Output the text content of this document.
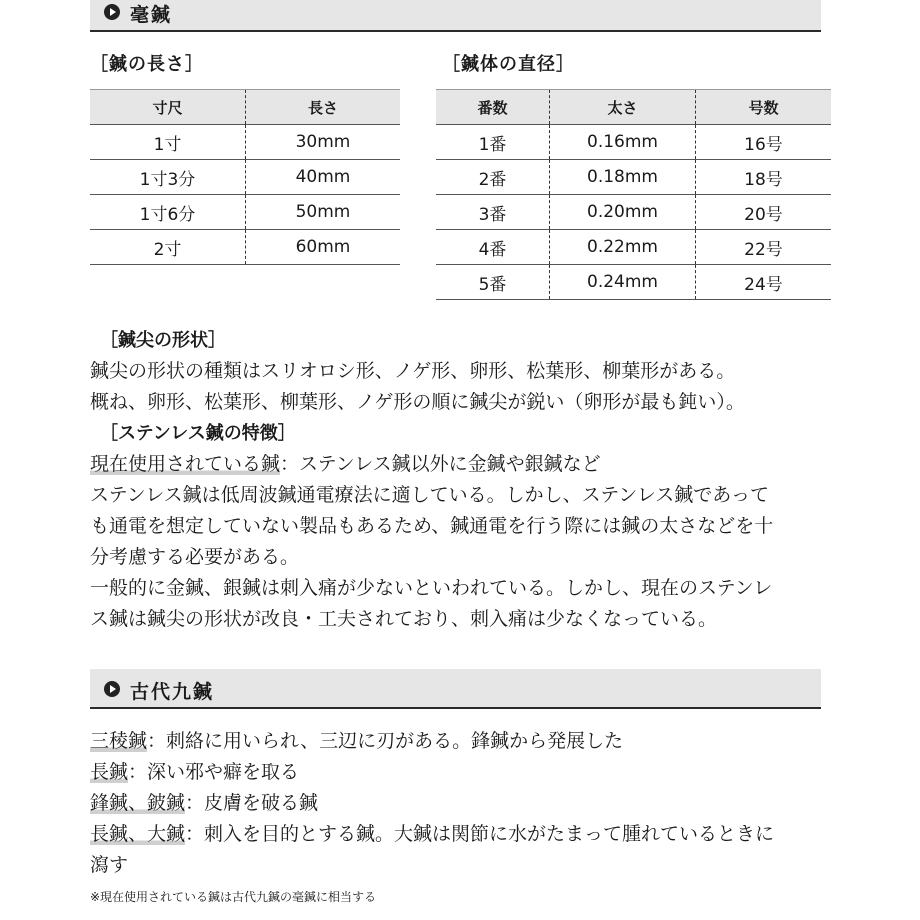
毫鍼
［鍼の長さ］
寸尺	長さ
1寸	30mm
1寸3分	40mm
1寸6分	50mm
2寸	60mm
［鍼体の直径］
番数	太さ	号数
1番	0.16mm	16号
2番	0.18mm	18号
3番	0.20mm	20号
4番	0.22mm	22号
5番	0.24mm	24号
［鍼尖の形状］
鍼尖の形状の種類はスリオロシ形、ノゲ形、卵形、松葉形、柳葉形がある。
概ね、卵形、松葉形、柳葉形、ノゲ形の順に鍼尖が鋭い（卵形が最も鈍い）。
［ステンレス鍼の特徴］
現在使用されている鍼：ステンレス鍼以外に金鍼や銀鍼など
ステンレス鍼は低周波鍼通電療法に適している。しかし、ステンレス鍼であって
も通電を想定していない製品もあるため、鍼通電を行う際には鍼の太さなどを十
分考慮する必要がある。
一般的に金鍼、銀鍼は刺入痛が少ないといわれている。しかし、現在のステンレ
ス鍼は鍼尖の形状が改良・工夫されており、刺入痛は少なくなっている。
古代九鍼
三稜鍼：刺絡に用いられ、三辺に刃がある。鋒鍼から発展した
長鍼：深い邪や癖を取る
鋒鍼、鈹鍼：皮膚を破る鍼
長鍼、大鍼：刺入を目的とする鍼。大鍼は関節に水がたまって腫れているときに
瀉す
※現在使用されている鍼は古代九鍼の毫鍼に相当する
